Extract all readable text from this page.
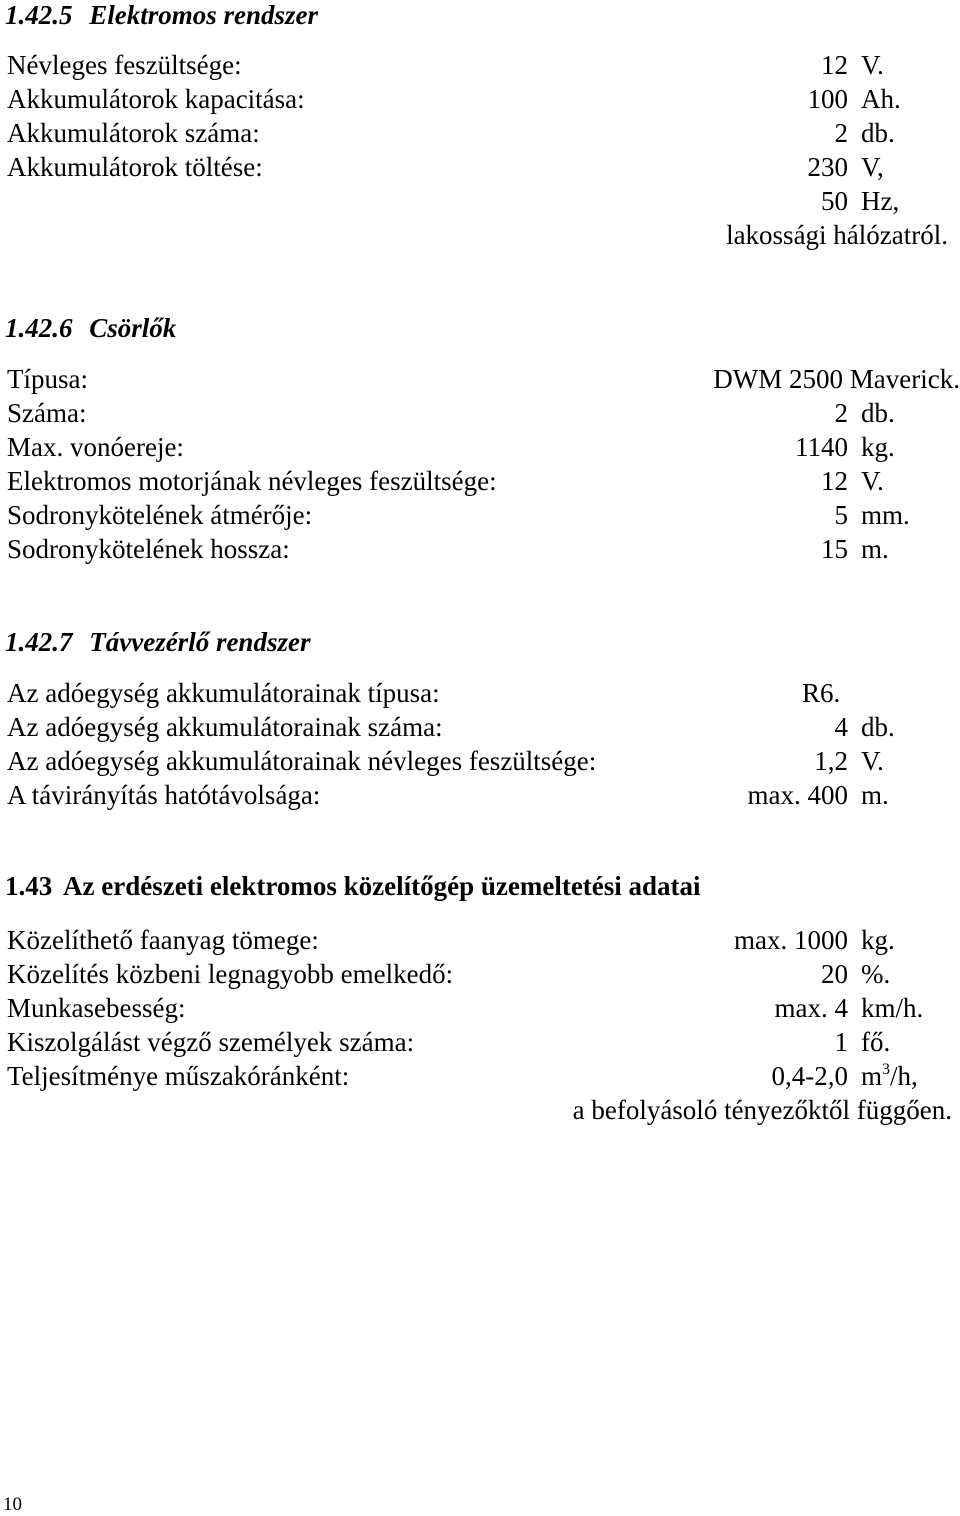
1.42.5 Elektromos rendszer
Névleges feszültsége:	12 V.
Akkumulátorok kapacitása:	100 Ah.
Akkumulátorok száma:	2 db.
Akkumulátorok töltése:	230 V,
50 Hz,
lakossági hálózatról.
1.42.6 Csörlők
Típusa:	DWM 2500 Maverick.
Száma:	2 db.
Max. vonóereje:	1140 kg.
Elektromos motorjának névleges feszültsége:	12 V.
Sodronykötelének átmérője:	5 mm.
Sodronykötelének hossza:	15 m.
1.42.7 Távvezérlő rendszer
Az adóegység akkumulátorainak típusa:	R6.
Az adóegység akkumulátorainak száma:	4 db.
Az adóegység akkumulátorainak névleges feszültsége:	1,2 V.
A távirányítás hatótávolsága:	max. 400 m.
1.43 Az erdészeti elektromos közelítőgép üzemeltetési adatai
Közelíthető faanyag tömege:	max. 1000 kg.
Közelítés közbeni legnagyobb emelkedő:	20 %.
Munkasebesség:	max. 4 km/h.
Kiszolgálást végző személyek száma:	1 fő.
Teljesítménye műszakóránként:	0,4-2,0 $m^3/h$,
a befolyásoló tényezőktől függően.
10
